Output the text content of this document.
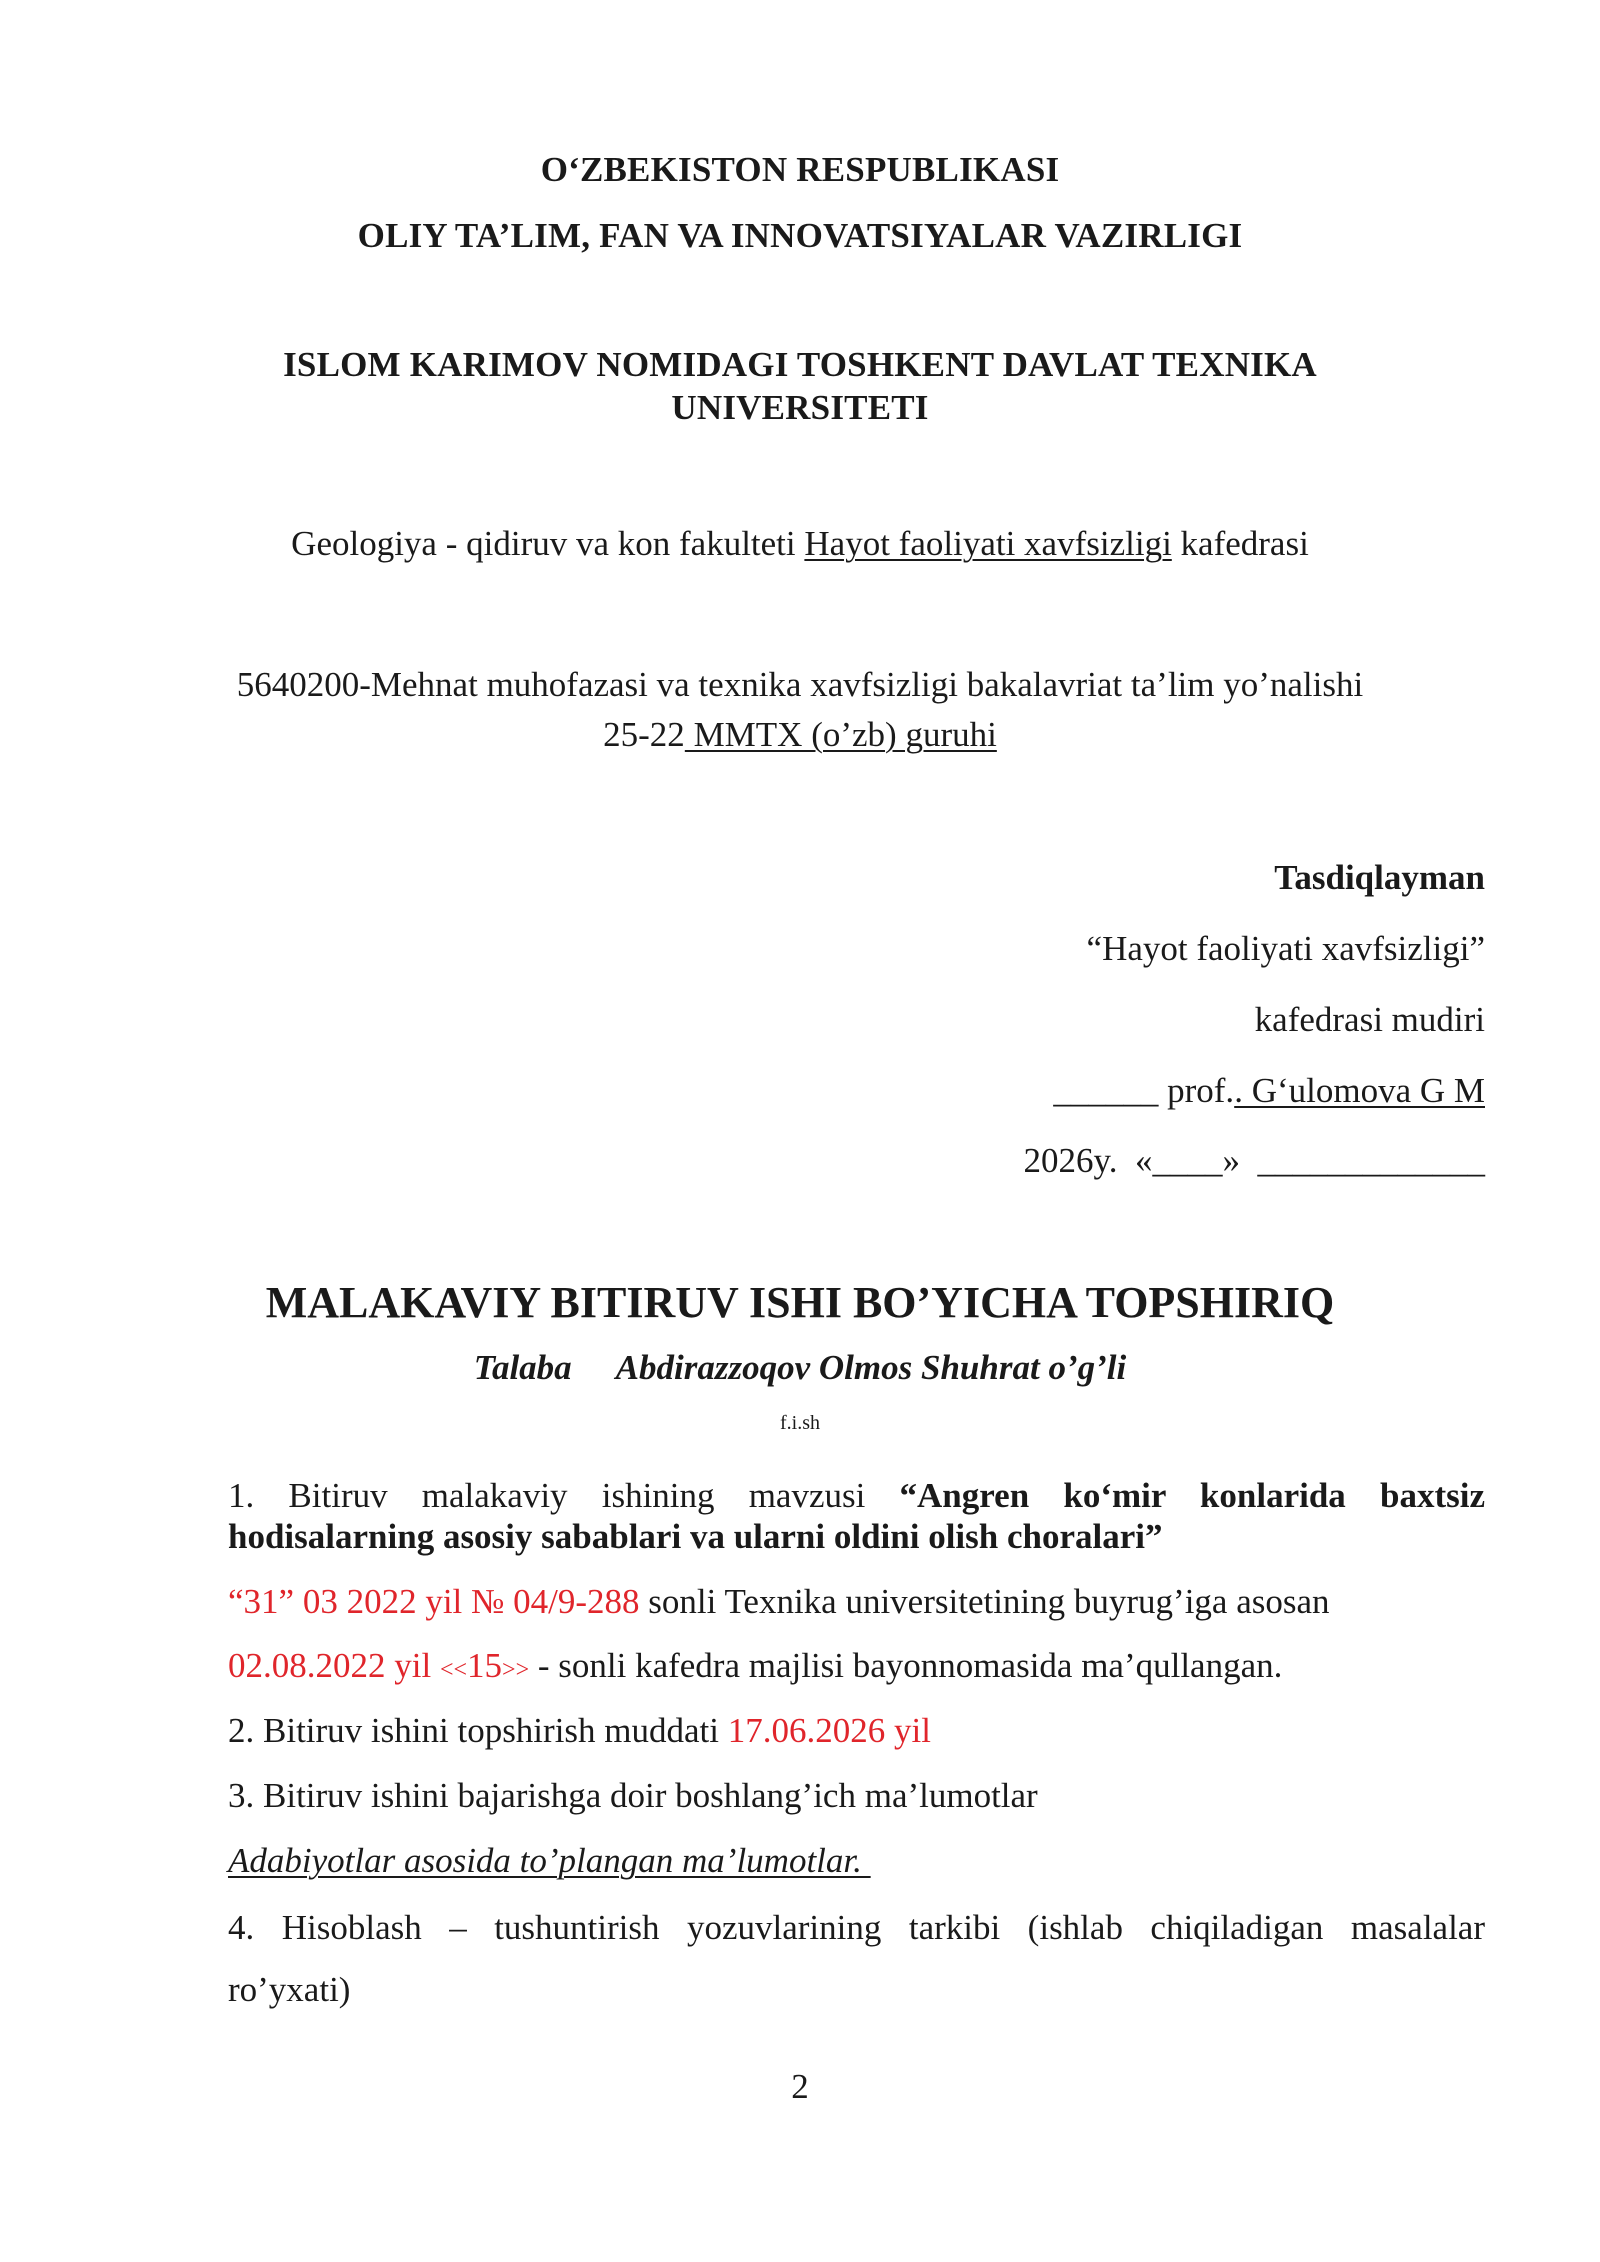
O‘ZBEKISTON RESPUBLIKASI
OLIY TA’LIM, FAN VA INNOVATSIYALAR VAZIRLIGI
ISLOM KARIMOV NOMIDAGI TOSHKENT DAVLAT TEXNIKA
UNIVERSITETI
Geologiya - qidiruv va kon fakulteti Hayot faoliyati xavfsizligi kafedrasi
5640200-Mehnat muhofazasi va texnika xavfsizligi bakalavriat ta’lim yo’nalishi
25-22 MMTX (o’zb) guruhi
Tasdiqlayman
“Hayot faoliyati xavfsizligi”
kafedrasi mudiri
______ prof.. G‘ulomova G M
2026y. «____» _____________
MALAKAVIY BITIRUV ISHI BO’YICHA TOPSHIRIQ
Talaba Abdirazzoqov Olmos Shuhrat o’g’li
f.i.sh
1. Bitiruv malakaviy ishining mavzusi “Angren ko‘mir konlarida baxtsiz
hodisalarning asosiy sabablari va ularni oldini olish choralari”
“31” 03 2022 yil № 04/9-288 sonli Texnika universitetining buyrug’iga asosan
02.08.2022 yil <<15>> - sonli kafedra majlisi bayonnomasida ma’qullangan.
2. Bitiruv ishini topshirish muddati 17.06.2026 yil
3. Bitiruv ishini bajarishga doir boshlang’ich ma’lumotlar
Adabiyotlar asosida to’plangan ma’lumotlar.
4. Hisoblash – tushuntirish yozuvlarining tarkibi (ishlab chiqiladigan masalalar
ro’yxati)
2
